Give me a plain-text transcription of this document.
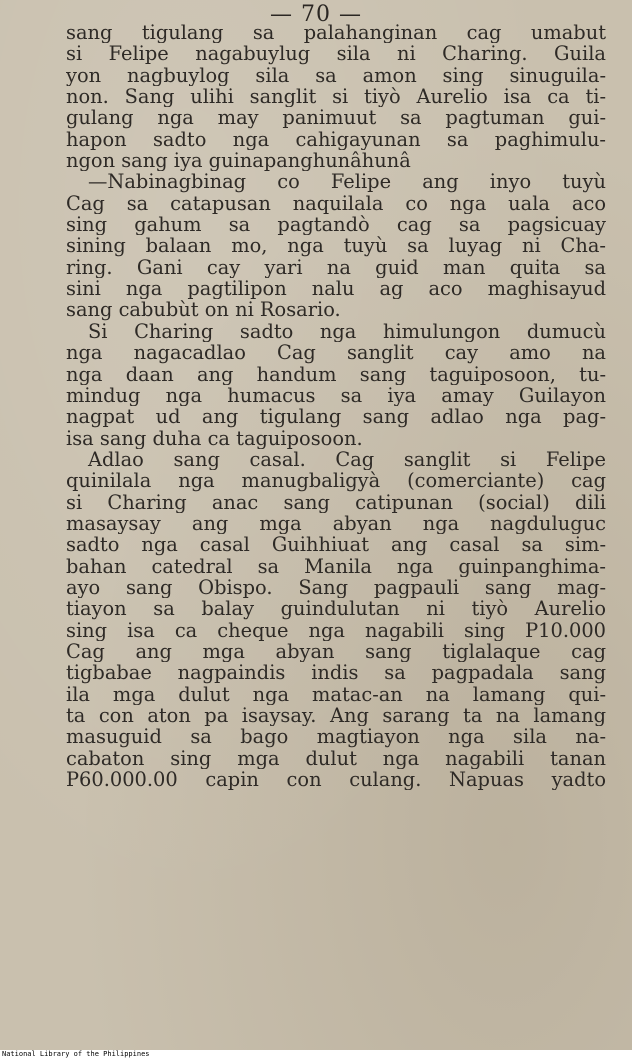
— 70 —
sang tigulang sa palahanginan cag umabut
si Felipe nagabuylug sila ni Charing. Guila
yon nagbuylog sila sa amon sing sinuguila-
non. Sang ulihi sanglit si tiyò Aurelio isa ca ti-
gulang nga may panimuut sa pagtuman gui-
hapon sadto nga cahigayunan sa paghimulu-
ngon sang iya guinapanghunâhunâ
—Nabinagbinag co Felipe ang inyo tuyù
Cag sa catapusan naquilala co nga uala aco
sing gahum sa pagtandò cag sa pagsicuay
sining balaan mo, nga tuyù sa luyag ni Cha-
ring. Gani cay yari na guid man quita sa
sini nga pagtilipon nalu ag aco maghisayud
sang cabubùt on ni Rosario.
Si Charing sadto nga himulungon dumucù
nga nagacadlao Cag sanglit cay amo na
nga daan ang handum sang taguiposoon, tu-
mindug nga humacus sa iya amay Guilayon
nagpat ud ang tigulang sang adlao nga pag-
isa sang duha ca taguiposoon.
Adlao sang casal. Cag sanglit si Felipe
quinilala nga manugbaligyà (comerciante) cag
si Charing anac sang catipunan (social) dili
masaysay ang mga abyan nga nagduluguc
sadto nga casal Guihhiuat ang casal sa sim-
bahan catedral sa Manila nga guinpanghima-
ayo sang Obispo. Sang pagpauli sang mag-
tiayon sa balay guindulutan ni tiyò Aurelio
sing isa ca cheque nga nagabili sing P10.000
Cag ang mga abyan sang tiglalaque cag
tigbabae nagpaindis indis sa pagpadala sang
ila mga dulut nga matac-an na lamang qui-
ta con aton pa isaysay. Ang sarang ta na lamang
masuguid sa bago magtiayon nga sila na-
cabaton sing mga dulut nga nagabili tanan
P60.000.00 capin con culang. Napuas yadto
National Library of the Philippines
